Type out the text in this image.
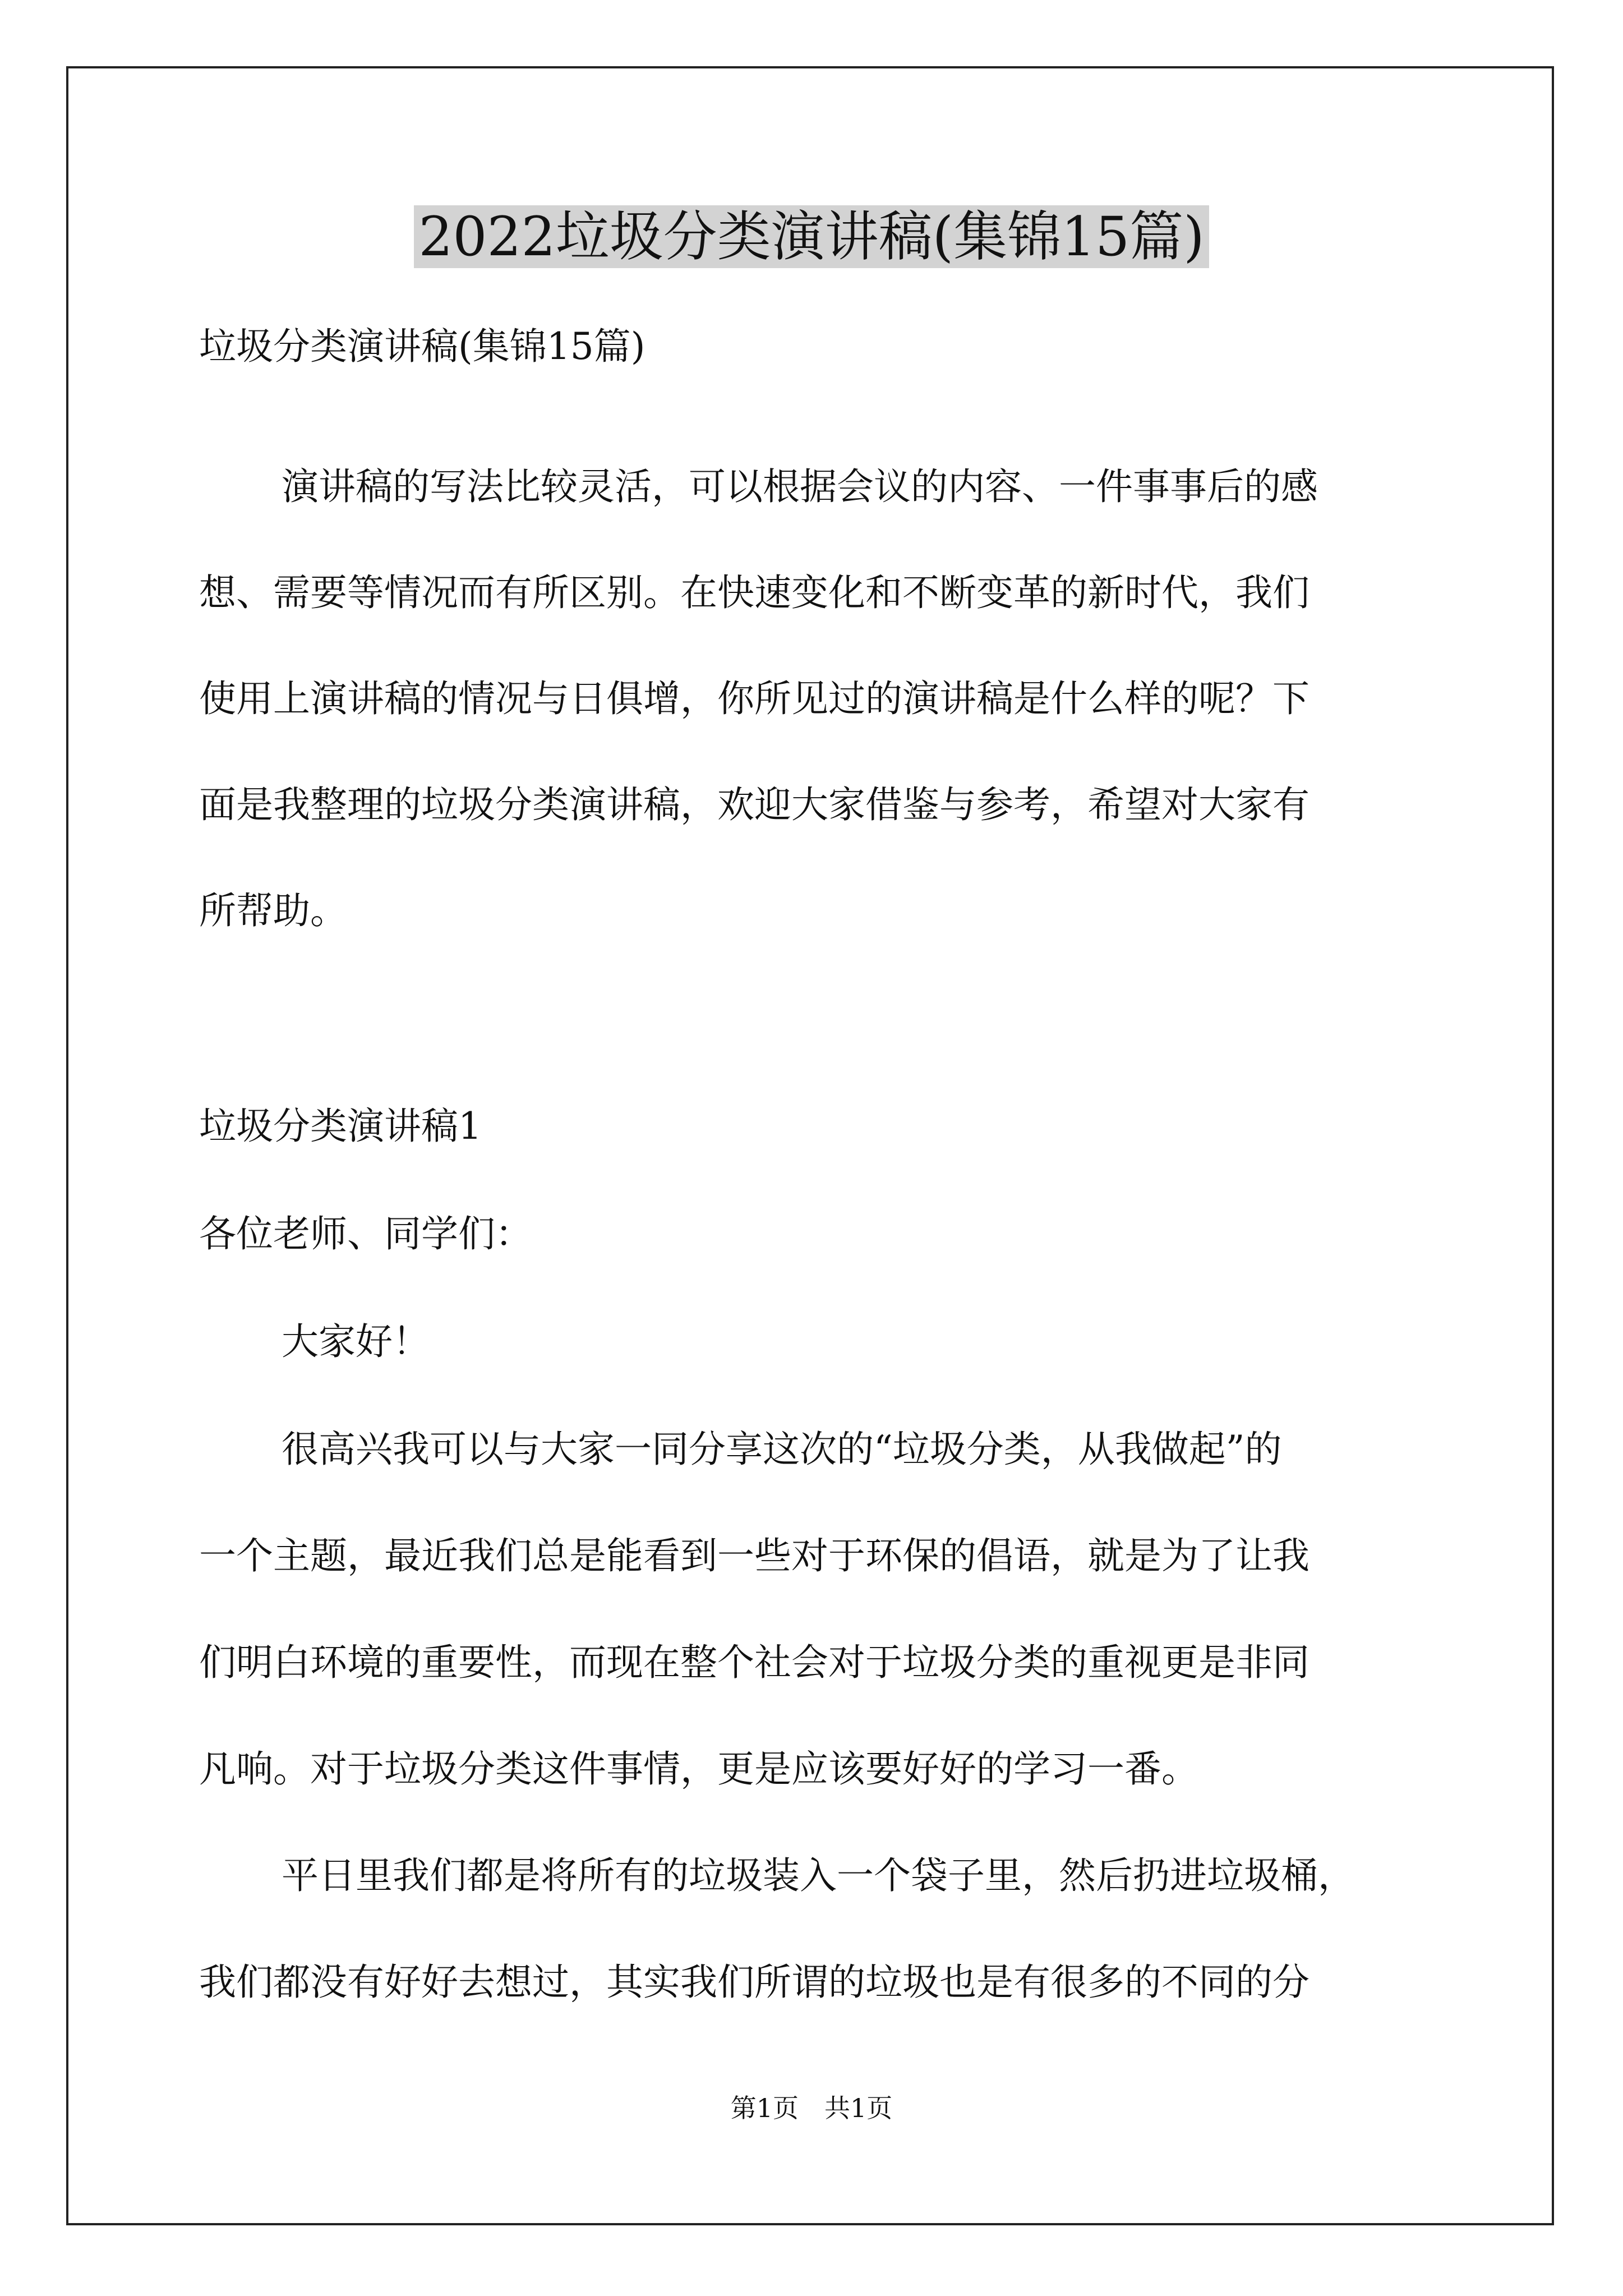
2022垃圾分类演讲稿(集锦15篇)

垃圾分类演讲稿(集锦15篇)

演讲稿的写法比较灵活，可以根据会议的内容、一件事事后的感

想、需要等情况而有所区别。在快速变化和不断变革的新时代，我们

使用上演讲稿的情况与日俱增，你所见过的演讲稿是什么样的呢？下

面是我整理的垃圾分类演讲稿，欢迎大家借鉴与参考，希望对大家有

所帮助。

垃圾分类演讲稿1

各位老师、同学们：

大家好！

很高兴我可以与大家一同分享这次的“垃圾分类，从我做起”的

一个主题，最近我们总是能看到一些对于环保的倡语，就是为了让我

们明白环境的重要性，而现在整个社会对于垃圾分类的重视更是非同

凡响。对于垃圾分类这件事情，更是应该要好好的学习一番。

平日里我们都是将所有的垃圾装入一个袋子里，然后扔进垃圾桶，

我们都没有好好去想过，其实我们所谓的垃圾也是有很多的不同的分

第1页　共1页
